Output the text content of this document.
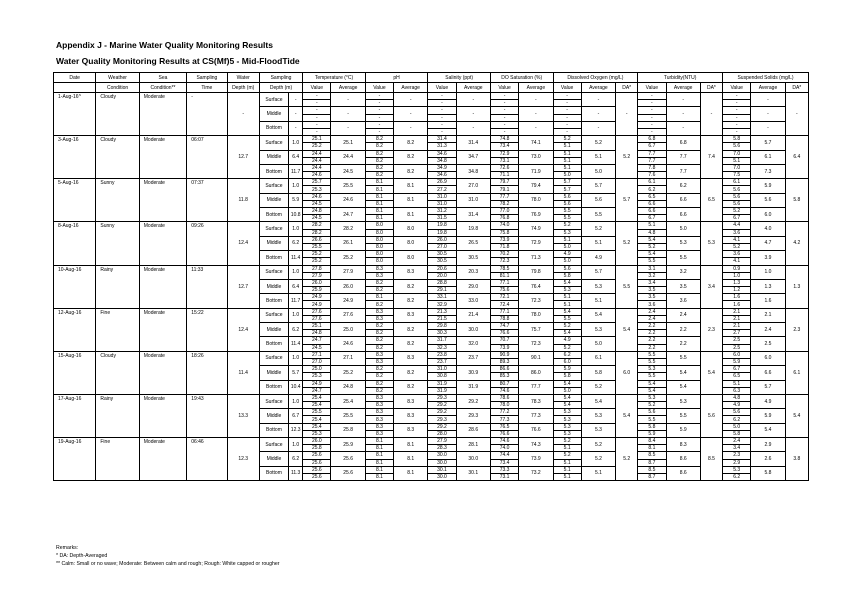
Appendix J - Marine Water Quality Monitoring Results
Water Quality Monitoring Results at CS(Mf)5 - Mid-FloodTide
Date	Weather	Sea	Sampling	Water	Sampling		Temperature (°C)		pH		Salinity (ppt)		DO Saturation (%)		Dissolved Oxygen (mg/L)			Turbidity(NTU)			Suspended Solids (mg/L)		
	Condition	Condition**	Time	Depth (m)	Depth (m)		Value	Average	Value	Average	Value	Average	Value	Average	Value	Average	DA*	Value	Average	DA*	Value	Average	DA*
1-Aug-16^	Cloudy	Moderate	-	-	Surface	-	-	-	-	-	-	-	-	-	-	-	-	-	-	-	-	-	-
							-		-		-		-		-			-			-		
					Middle	-	-	-	-	-	-	-	-	-	-	-		-	-		-	-	
							-		-		-		-		-			-			-		
					Bottom	-	-	-	-	-	-	-	-	-	-	-		-	-		-	-	
							-		-		-		-		-			-			-		
3-Aug-16	Cloudy	Moderate	06:07	12.7	Surface	1.0	25.1	25.1	8.2	8.2	31.4	31.4	74.8	74.1	5.2	5.2	5.2	6.8	6.8	7.4	5.8	5.7	6.4
							25.2		8.2		31.3		73.4		5.1			6.7			5.6		
					Middle	6.4	24.4	24.4	8.2	8.2	34.6	34.7	72.9	73.0	5.1	5.1		7.7	7.7		7.0	6.1	
							24.4		8.2		34.8		73.1		5.1			7.7			5.1		
					Bottom	11.7	24.4	24.5	8.2	8.2	34.9	34.8	72.6	71.9	5.1	5.0		7.8	7.7		7.0	7.3	
							24.6		8.2		34.6		71.1		5.0			7.6			7.5		
5-Aug-16	Sunny	Moderate	07:37	11.8	Surface	1.0	25.7	25.5	8.1	8.1	26.9	27.0	79.7	79.4	5.7	5.7	5.7	6.1	6.2	6.5	6.1	5.9	5.8
							25.3		8.1		27.2		79.1		5.7			6.2			5.6		
					Middle	5.9	24.6	24.6	8.1	8.1	31.0	31.0	77.7	78.0	5.6	5.6		6.5	6.6		5.6	5.6	
							24.5		8.1		31.0		78.2		5.6			6.6			5.6		
					Bottom	10.8	24.8	24.7	8.1	8.1	31.2	31.4	77.0	76.9	5.5	5.5		6.6	6.6		5.2	6.0	
							24.5		8.1		31.5		76.8		5.5			6.7			6.7		
8-Aug-16	Sunny	Moderate	09:26	12.4	Surface	1.0	28.2	28.2	8.0	8.0	19.8	19.8	74.0	74.9	5.2	5.2	5.2	5.1	5.0	5.3	4.4	4.0	4.2
							28.2		8.0		19.8		75.8		5.3			4.8			3.6		
					Middle	6.2	26.6	26.1	8.0	8.0	26.0	26.5	73.9	72.9	5.1	5.1		5.4	5.3		4.1	4.7	
							25.5		8.0		27.0		71.8		5.0			5.2			5.2		
					Bottom	11.4	25.2	25.2	8.0	8.0	30.5	30.5	70.2	71.3	4.9	4.9		5.4	5.5		3.6	3.9	
							25.2		8.0		30.5		72.3		5.0			5.5			4.1		
10-Aug-16	Rainy	Moderate	11:33	12.7	Surface	1.0	27.8	27.9	8.3	8.3	20.6	20.3	78.5	79.8	5.6	5.7	5.5	3.1	3.2	3.4	0.9	1.0	1.3
							27.9		8.3		20.0		81.1		5.8			3.2			1.0		
					Middle	6.4	26.0	26.0	8.2	8.2	28.8	29.0	77.1	76.4	5.4	5.3		3.4	3.5		1.3	1.3	
							25.9		8.2		29.1		75.6		5.3			3.5			1.2		
					Bottom	11.7	24.9	24.9	8.1	8.2	33.1	33.0	72.1	72.3	5.1	5.1		3.5	3.6		1.6	1.6	
							24.9		8.2		32.9		72.4		5.1			3.6			1.6		
12-Aug-16	Fine	Moderate	15:22	12.4	Surface	1.0	27.6	27.6	8.3	8.3	21.3	21.4	77.1	78.0	5.4	5.4	5.4	2.4	2.4	2.3	2.1	2.1	2.3
							27.6		8.3		21.5		78.8		5.5			2.4			2.1		
					Middle	6.2	25.1	25.0	8.2	8.2	29.8	30.0	74.7	75.7	5.2	5.3		2.2	2.2		2.1	2.4	
							24.8		8.2		30.3		76.6		5.4			2.2			2.7		
					Bottom	11.4	24.7	24.6	8.2	8.2	31.7	32.0	70.7	72.3	4.9	5.0		2.2	2.2		2.5	2.5	
							24.5		8.2		32.3		73.9		5.2			2.2			2.5		
15-Aug-16	Cloudy	Moderate	18:26	11.4	Surface	1.0	27.1	27.1	8.3	8.3	23.8	23.7	90.9	90.1	6.2	6.1	6.0	5.5	5.5	5.4	6.0	6.0	6.1
							27.0		8.3		23.7		89.3		6.0			5.5			5.9		
					Middle	5.7	25.0	25.2	8.2	8.2	31.0	30.9	86.6	86.0	5.9	5.8		5.3	5.4		6.7	6.6	
							25.3		8.2		30.8		85.3		5.8			5.5			6.5		
					Bottom	10.4	24.9	24.8	8.2	8.2	31.9	31.9	80.7	77.7	5.4	5.2		5.4	5.4		5.1	5.7	
							24.7		8.2		31.9		74.6		5.0			5.4			6.3		
17-Aug-16	Rainy	Moderate	19:43	13.3	Surface	1.0	25.4	25.4	8.3	8.3	29.3	29.2	78.6	78.3	5.4	5.4	5.4	5.3	5.3	5.6	4.8	4.9	5.4
							25.4		8.3		29.2		78.0		5.4			5.2			4.9		
					Middle	6.7	25.5	25.5	8.3	8.3	29.2	29.3	77.2	77.3	5.3	5.3		5.6	5.5		5.6	5.9	
							25.4		8.3		29.3		77.3		5.3			5.5			6.2		
					Bottom	12.3	25.4	25.8	8.3	8.3	29.2	28.6	76.5	76.6	5.3	5.3		5.8	5.9		5.0	5.4	
							25.3		8.3		28.0		76.6		5.3			5.9			5.8		
19-Aug-16	Fine	Moderate	06:46	12.3	Surface	1.0	26.0	25.9	8.1	8.1	27.9	28.1	74.6	74.3	5.2	5.2	5.2	8.4	8.3	8.5	2.4	2.9	3.8
							25.8		8.1		28.3		74.0		5.1			8.1			3.4		
					Middle	6.2	25.6	25.6	8.1	8.1	30.0	30.0	74.4	73.9	5.2	5.2		8.5	8.6		2.3	2.6	
							25.6		8.1		30.0		73.4		5.1			8.7			2.9		
					Bottom	11.3	25.6	25.6	8.1	8.1	30.1	30.1	73.3	73.2	5.1	5.1		8.5	8.6		5.3	5.8	
							25.6		8.1		30.0		73.1		5.1			8.7			6.2		
Remarks:
* DA: Depth-Averaged
** Calm: Small or no wave; Moderate: Between calm and rough; Rough: White capped or rougher
